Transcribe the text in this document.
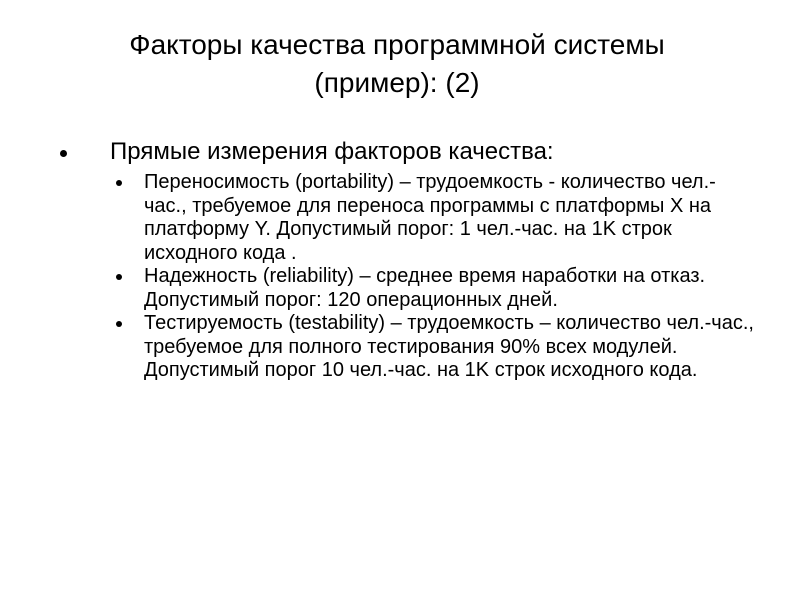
Факторы качества программной системы
(пример): (2)
Прямые измерения факторов качества:
Переносимость (portability) – трудоемкость - количество чел.-час., требуемое для переноса программы с платформы X на платформу Y. Допустимый порог: 1 чел.-час. на 1K строк исходного кода .
Надежность (reliability) – среднее время наработки на отказ. Допустимый порог: 120 операционных дней.
Тестируемость (testability) – трудоемкость – количество чел.-час., требуемое для полного тестирования 90% всех модулей. Допустимый порог 10 чел.-час. на 1K строк исходного кода.
